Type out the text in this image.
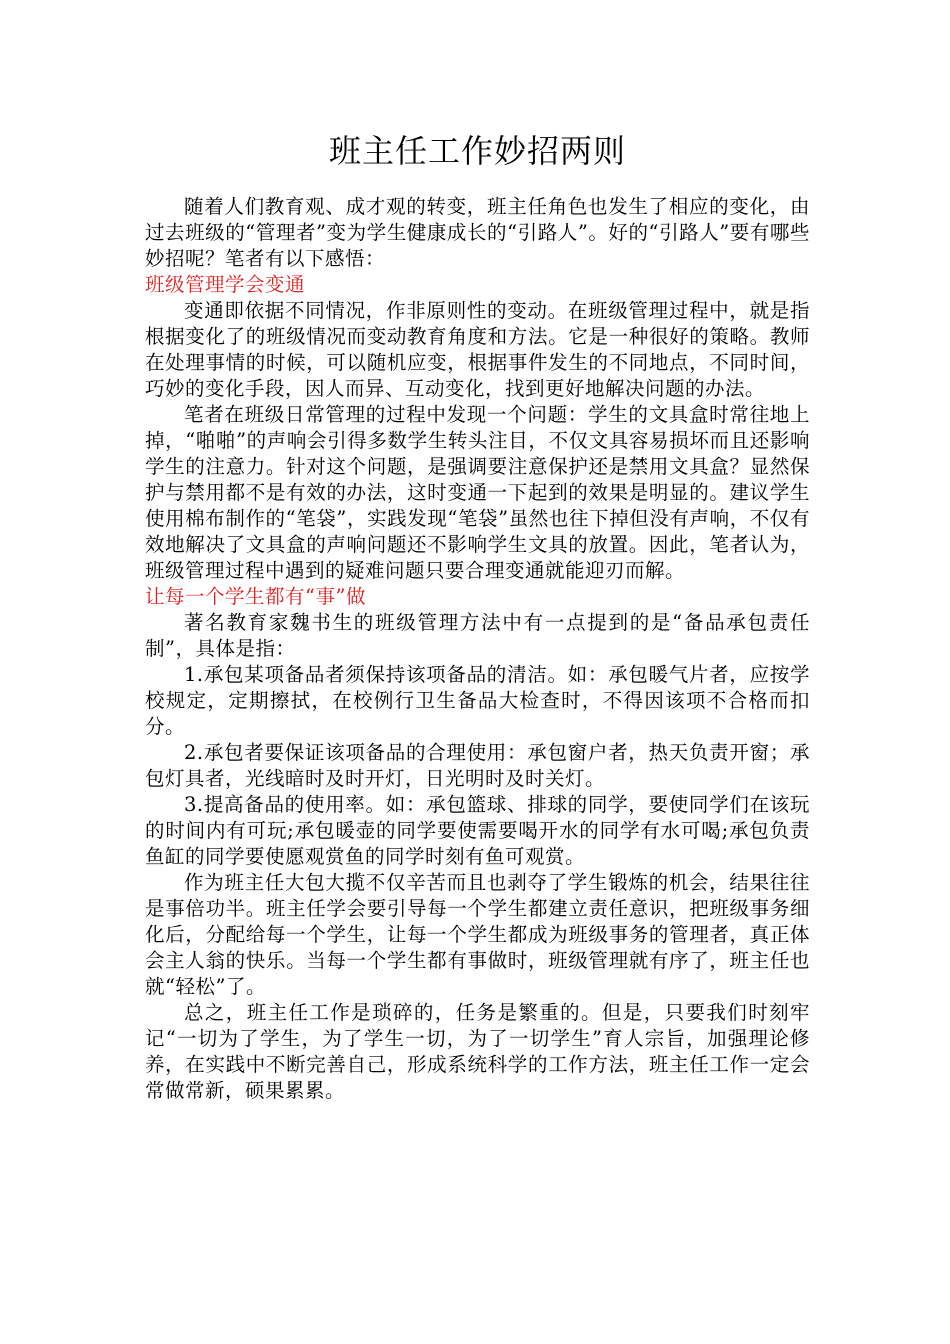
班主任工作妙招两则

随着人们教育观、成才观的转变，班主任角色也发生了相应的变化，由过去班级的“管理者”变为学生健康成长的“引路人”。好的“引路人”要有哪些妙招呢？笔者有以下感悟：

班级管理学会变通

变通即依据不同情况，作非原则性的变动。在班级管理过程中，就是指根据变化了的班级情况而变动教育角度和方法。它是一种很好的策略。教师在处理事情的时候，可以随机应变，根据事件发生的不同地点，不同时间，巧妙的变化手段，因人而异、互动变化，找到更好地解决问题的办法。

笔者在班级日常管理的过程中发现一个问题：学生的文具盒时常往地上掉，“啪啪”的声响会引得多数学生转头注目，不仅文具容易损坏而且还影响学生的注意力。针对这个问题，是强调要注意保护还是禁用文具盒？显然保护与禁用都不是有效的办法，这时变通一下起到的效果是明显的。建议学生使用棉布制作的“笔袋”，实践发现“笔袋”虽然也往下掉但没有声响，不仅有效地解决了文具盒的声响问题还不影响学生文具的放置。因此，笔者认为，班级管理过程中遇到的疑难问题只要合理变通就能迎刃而解。

让每一个学生都有“事”做

著名教育家魏书生的班级管理方法中有一点提到的是“备品承包责任制”，具体是指：

1.承包某项备品者须保持该项备品的清洁。如：承包暖气片者，应按学校规定，定期擦拭，在校例行卫生备品大检查时，不得因该项不合格而扣分。

2.承包者要保证该项备品的合理使用：承包窗户者，热天负责开窗；承包灯具者，光线暗时及时开灯，日光明时及时关灯。

3.提高备品的使用率。如：承包篮球、排球的同学，要使同学们在该玩的时间内有可玩;承包暖壶的同学要使需要喝开水的同学有水可喝;承包负责鱼缸的同学要使愿观赏鱼的同学时刻有鱼可观赏。

作为班主任大包大揽不仅辛苦而且也剥夺了学生锻炼的机会，结果往往是事倍功半。班主任学会要引导每一个学生都建立责任意识，把班级事务细化后，分配给每一个学生，让每一个学生都成为班级事务的管理者，真正体会主人翁的快乐。当每一个学生都有事做时，班级管理就有序了，班主任也就“轻松”了。

总之，班主任工作是琐碎的，任务是繁重的。但是，只要我们时刻牢记“一切为了学生，为了学生一切，为了一切学生”育人宗旨，加强理论修养，在实践中不断完善自己，形成系统科学的工作方法，班主任工作一定会常做常新，硕果累累。
